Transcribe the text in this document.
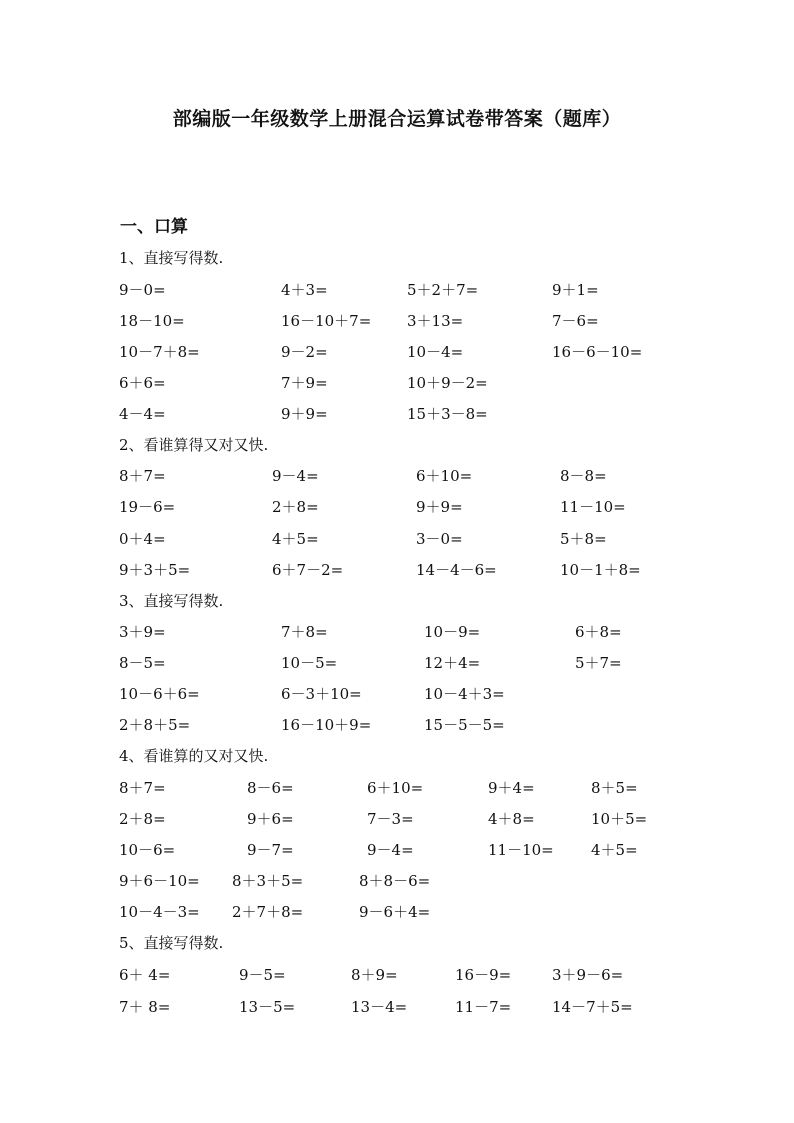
部编版一年级数学上册混合运算试卷带答案（题库）
一、口算
1、直接写得数.
9－0=	4＋3=	5＋2＋7=	9＋1=
18－10=	16－10＋7= 3＋13=	7－6=
10－7＋8=	9－2=	10－4=	16－6－10=
6＋6=	7＋9=	10＋9－2=
4－4=	9＋9=	15＋3－8=
2、看谁算得又对又快.
8＋7=	9－4=	6＋10=	8－8=
19－6=	2＋8=	9＋9=	11－10=
0＋4=	4＋5=	3－0=	5＋8=
9＋3＋5=	6＋7－2=	14－4－6=	10－1＋8=
3、直接写得数.
3＋9=	7＋8=	10－9=	6＋8=
8－5=	10－5=	12＋4=	5＋7=
10－6＋6=	6－3＋10=	10－4＋3=
2＋8＋5=	16－10＋9=	15－5－5=
4、看谁算的又对又快.
8＋7=	8－6=	6＋10=	9＋4=	8＋5=
2＋8=	9＋6=	7－3=	4＋8=	10＋5=
10－6=	9－7=	9－4=	11－10= 4＋5=
9＋6－10= 8＋3＋5=	8＋8－6=
10－4－3= 2＋7＋8=	9－6＋4=
5、直接写得数.
6＋ 4=	9－5=	8＋9=	16－9=	3＋9－6=
7＋ 8=	13－5=	13－4=	11－7=	14－7＋5=
